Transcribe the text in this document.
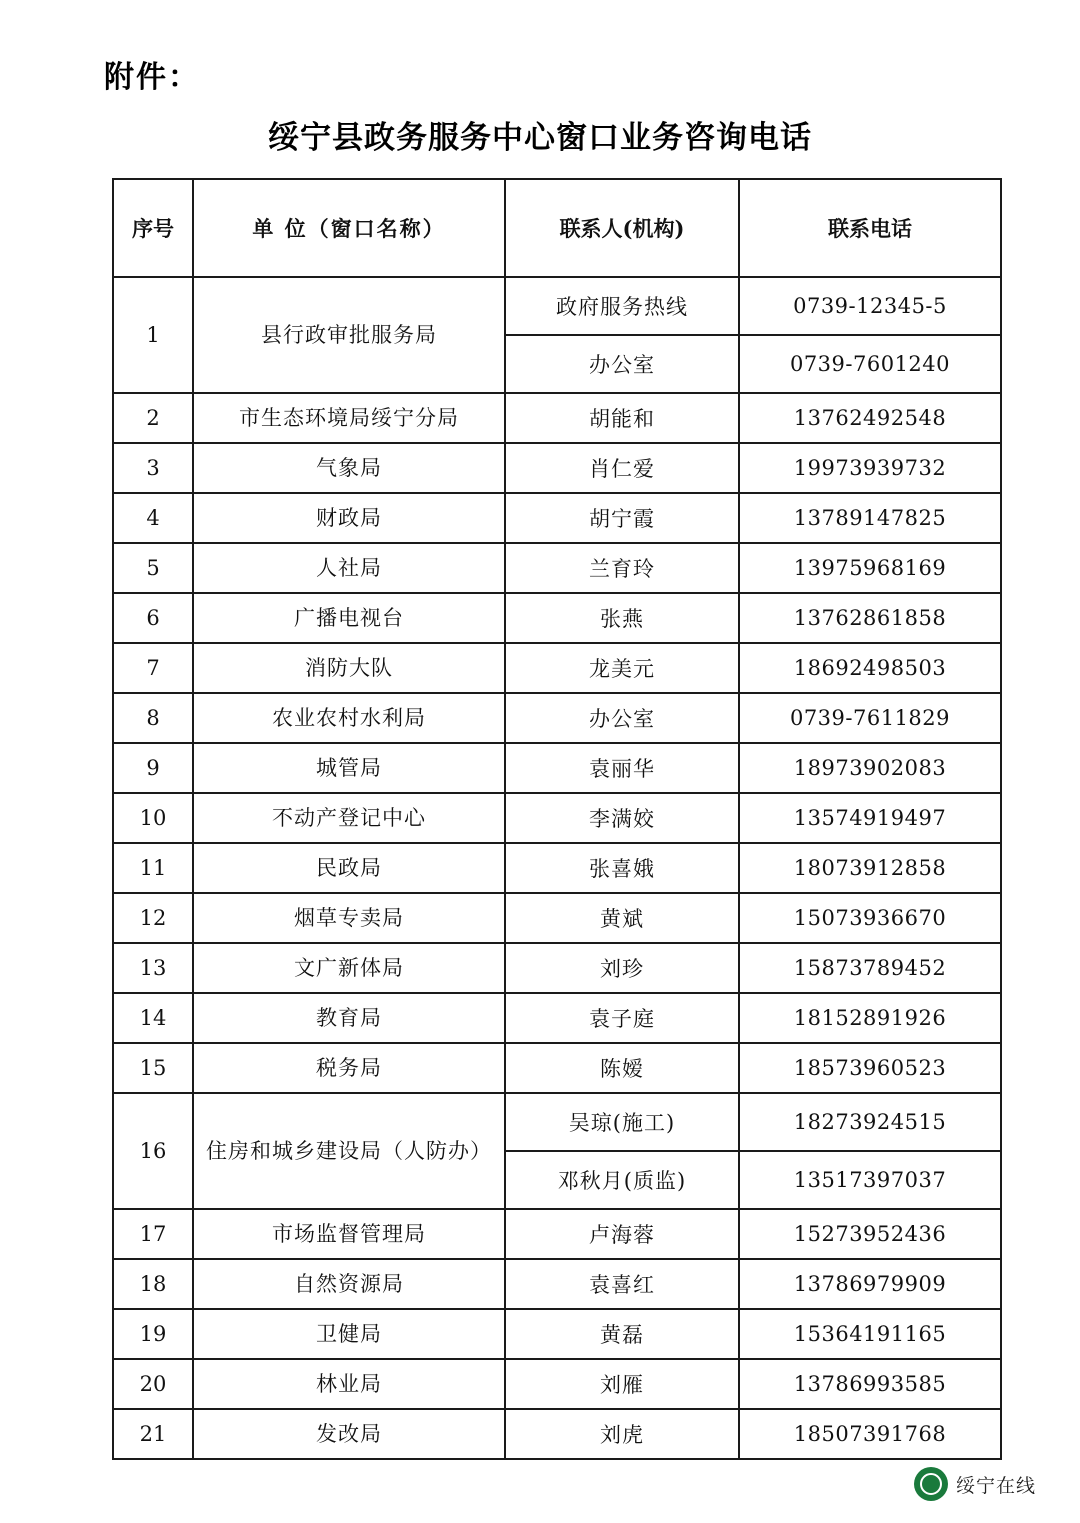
附件：
绥宁县政务服务中心窗口业务咨询电话
序号	单 位（窗口名称）	联系人(机构)	联系电话
1	县行政审批服务局	政府服务热线	0739-12345-5
		办公室	0739-7601240
2	市生态环境局绥宁分局	胡能和	13762492548
3	气象局	肖仁爱	19973939732
4	财政局	胡宁霞	13789147825
5	人社局	兰育玲	13975968169
6	广播电视台	张燕	13762861858
7	消防大队	龙美元	18692498503
8	农业农村水利局	办公室	0739-7611829
9	城管局	袁丽华	18973902083
10	不动产登记中心	李满姣	13574919497
11	民政局	张喜娥	18073912858
12	烟草专卖局	黄斌	15073936670
13	文广新体局	刘珍	15873789452
14	教育局	袁子庭	18152891926
15	税务局	陈嫒	18573960523
16	住房和城乡建设局（人防办）	吴琼(施工)	18273924515
		邓秋月(质监)	13517397037
17	市场监督管理局	卢海蓉	15273952436
18	自然资源局	袁喜红	13786979909
19	卫健局	黄磊	15364191165
20	林业局	刘雁	13786993585
21	发改局	刘虎	18507391768
绥宁在线
